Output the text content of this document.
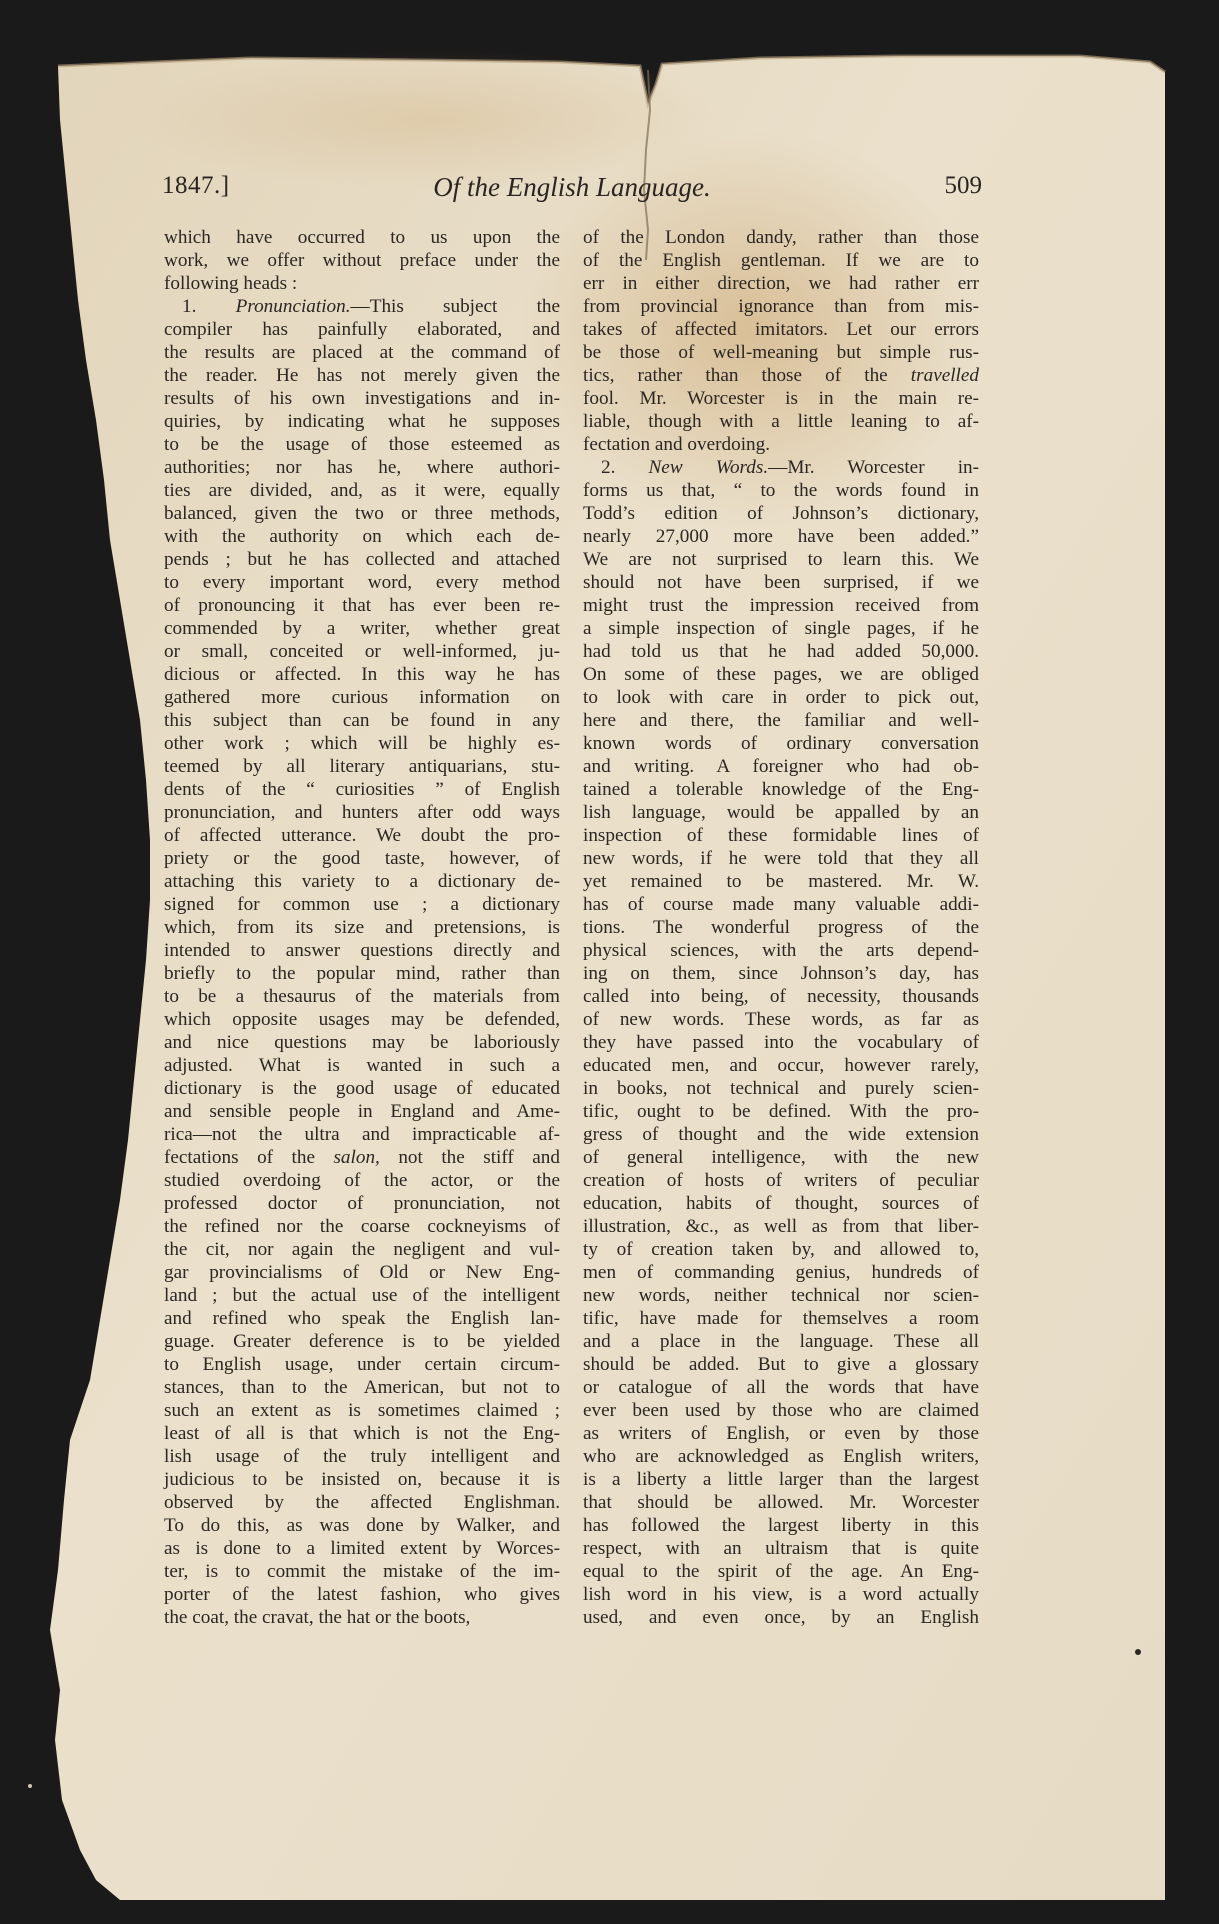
1847.]	Of the English Language.	509
which have occurred to us upon the
work, we offer without preface under the
following heads :
1. Pronunciation.—This subject the
compiler has painfully elaborated, and
the results are placed at the command of
the reader. He has not merely given the
results of his own investigations and in-
quiries, by indicating what he supposes
to be the usage of those esteemed as
authorities; nor has he, where authori-
ties are divided, and, as it were, equally
balanced, given the two or three methods,
with the authority on which each de-
pends ; but he has collected and attached
to every important word, every method
of pronouncing it that has ever been re-
commended by a writer, whether great
or small, conceited or well-informed, ju-
dicious or affected. In this way he has
gathered more curious information on
this subject than can be found in any
other work ; which will be highly es-
teemed by all literary antiquarians, stu-
dents of the “ curiosities ” of English
pronunciation, and hunters after odd ways
of affected utterance. We doubt the pro-
priety or the good taste, however, of
attaching this variety to a dictionary de-
signed for common use ; a dictionary
which, from its size and pretensions, is
intended to answer questions directly and
briefly to the popular mind, rather than
to be a thesaurus of the materials from
which opposite usages may be defended,
and nice questions may be laboriously
adjusted. What is wanted in such a
dictionary is the good usage of educated
and sensible people in England and Ame-
rica—not the ultra and impracticable af-
fectations of the salon, not the stiff and
studied overdoing of the actor, or the
professed doctor of pronunciation, not
the refined nor the coarse cockneyisms of
the cit, nor again the negligent and vul-
gar provincialisms of Old or New Eng-
land ; but the actual use of the intelligent
and refined who speak the English lan-
guage. Greater deference is to be yielded
to English usage, under certain circum-
stances, than to the American, but not to
such an extent as is sometimes claimed ;
least of all is that which is not the Eng-
lish usage of the truly intelligent and
judicious to be insisted on, because it is
observed by the affected Englishman.
To do this, as was done by Walker, and
as is done to a limited extent by Worces-
ter, is to commit the mistake of the im-
porter of the latest fashion, who gives
the coat, the cravat, the hat or the boots,
of the London dandy, rather than those
of the English gentleman. If we are to
err in either direction, we had rather err
from provincial ignorance than from mis-
takes of affected imitators. Let our errors
be those of well-meaning but simple rus-
tics, rather than those of the travelled
fool. Mr. Worcester is in the main re-
liable, though with a little leaning to af-
fectation and overdoing.
2. New Words.—Mr. Worcester in-
forms us that, “ to the words found in
Todd’s edition of Johnson’s dictionary,
nearly 27,000 more have been added.”
We are not surprised to learn this. We
should not have been surprised, if we
might trust the impression received from
a simple inspection of single pages, if he
had told us that he had added 50,000.
On some of these pages, we are obliged
to look with care in order to pick out,
here and there, the familiar and well-
known words of ordinary conversation
and writing. A foreigner who had ob-
tained a tolerable knowledge of the Eng-
lish language, would be appalled by an
inspection of these formidable lines of
new words, if he were told that they all
yet remained to be mastered. Mr. W.
has of course made many valuable addi-
tions. The wonderful progress of the
physical sciences, with the arts depend-
ing on them, since Johnson’s day, has
called into being, of necessity, thousands
of new words. These words, as far as
they have passed into the vocabulary of
educated men, and occur, however rarely,
in books, not technical and purely scien-
tific, ought to be defined. With the pro-
gress of thought and the wide extension
of general intelligence, with the new
creation of hosts of writers of peculiar
education, habits of thought, sources of
illustration, &c., as well as from that liber-
ty of creation taken by, and allowed to,
men of commanding genius, hundreds of
new words, neither technical nor scien-
tific, have made for themselves a room
and a place in the language. These all
should be added. But to give a glossary
or catalogue of all the words that have
ever been used by those who are claimed
as writers of English, or even by those
who are acknowledged as English writers,
is a liberty a little larger than the largest
that should be allowed. Mr. Worcester
has followed the largest liberty in this
respect, with an ultraism that is quite
equal to the spirit of the age. An Eng-
lish word in his view, is a word actually
used, and even once, by an English
